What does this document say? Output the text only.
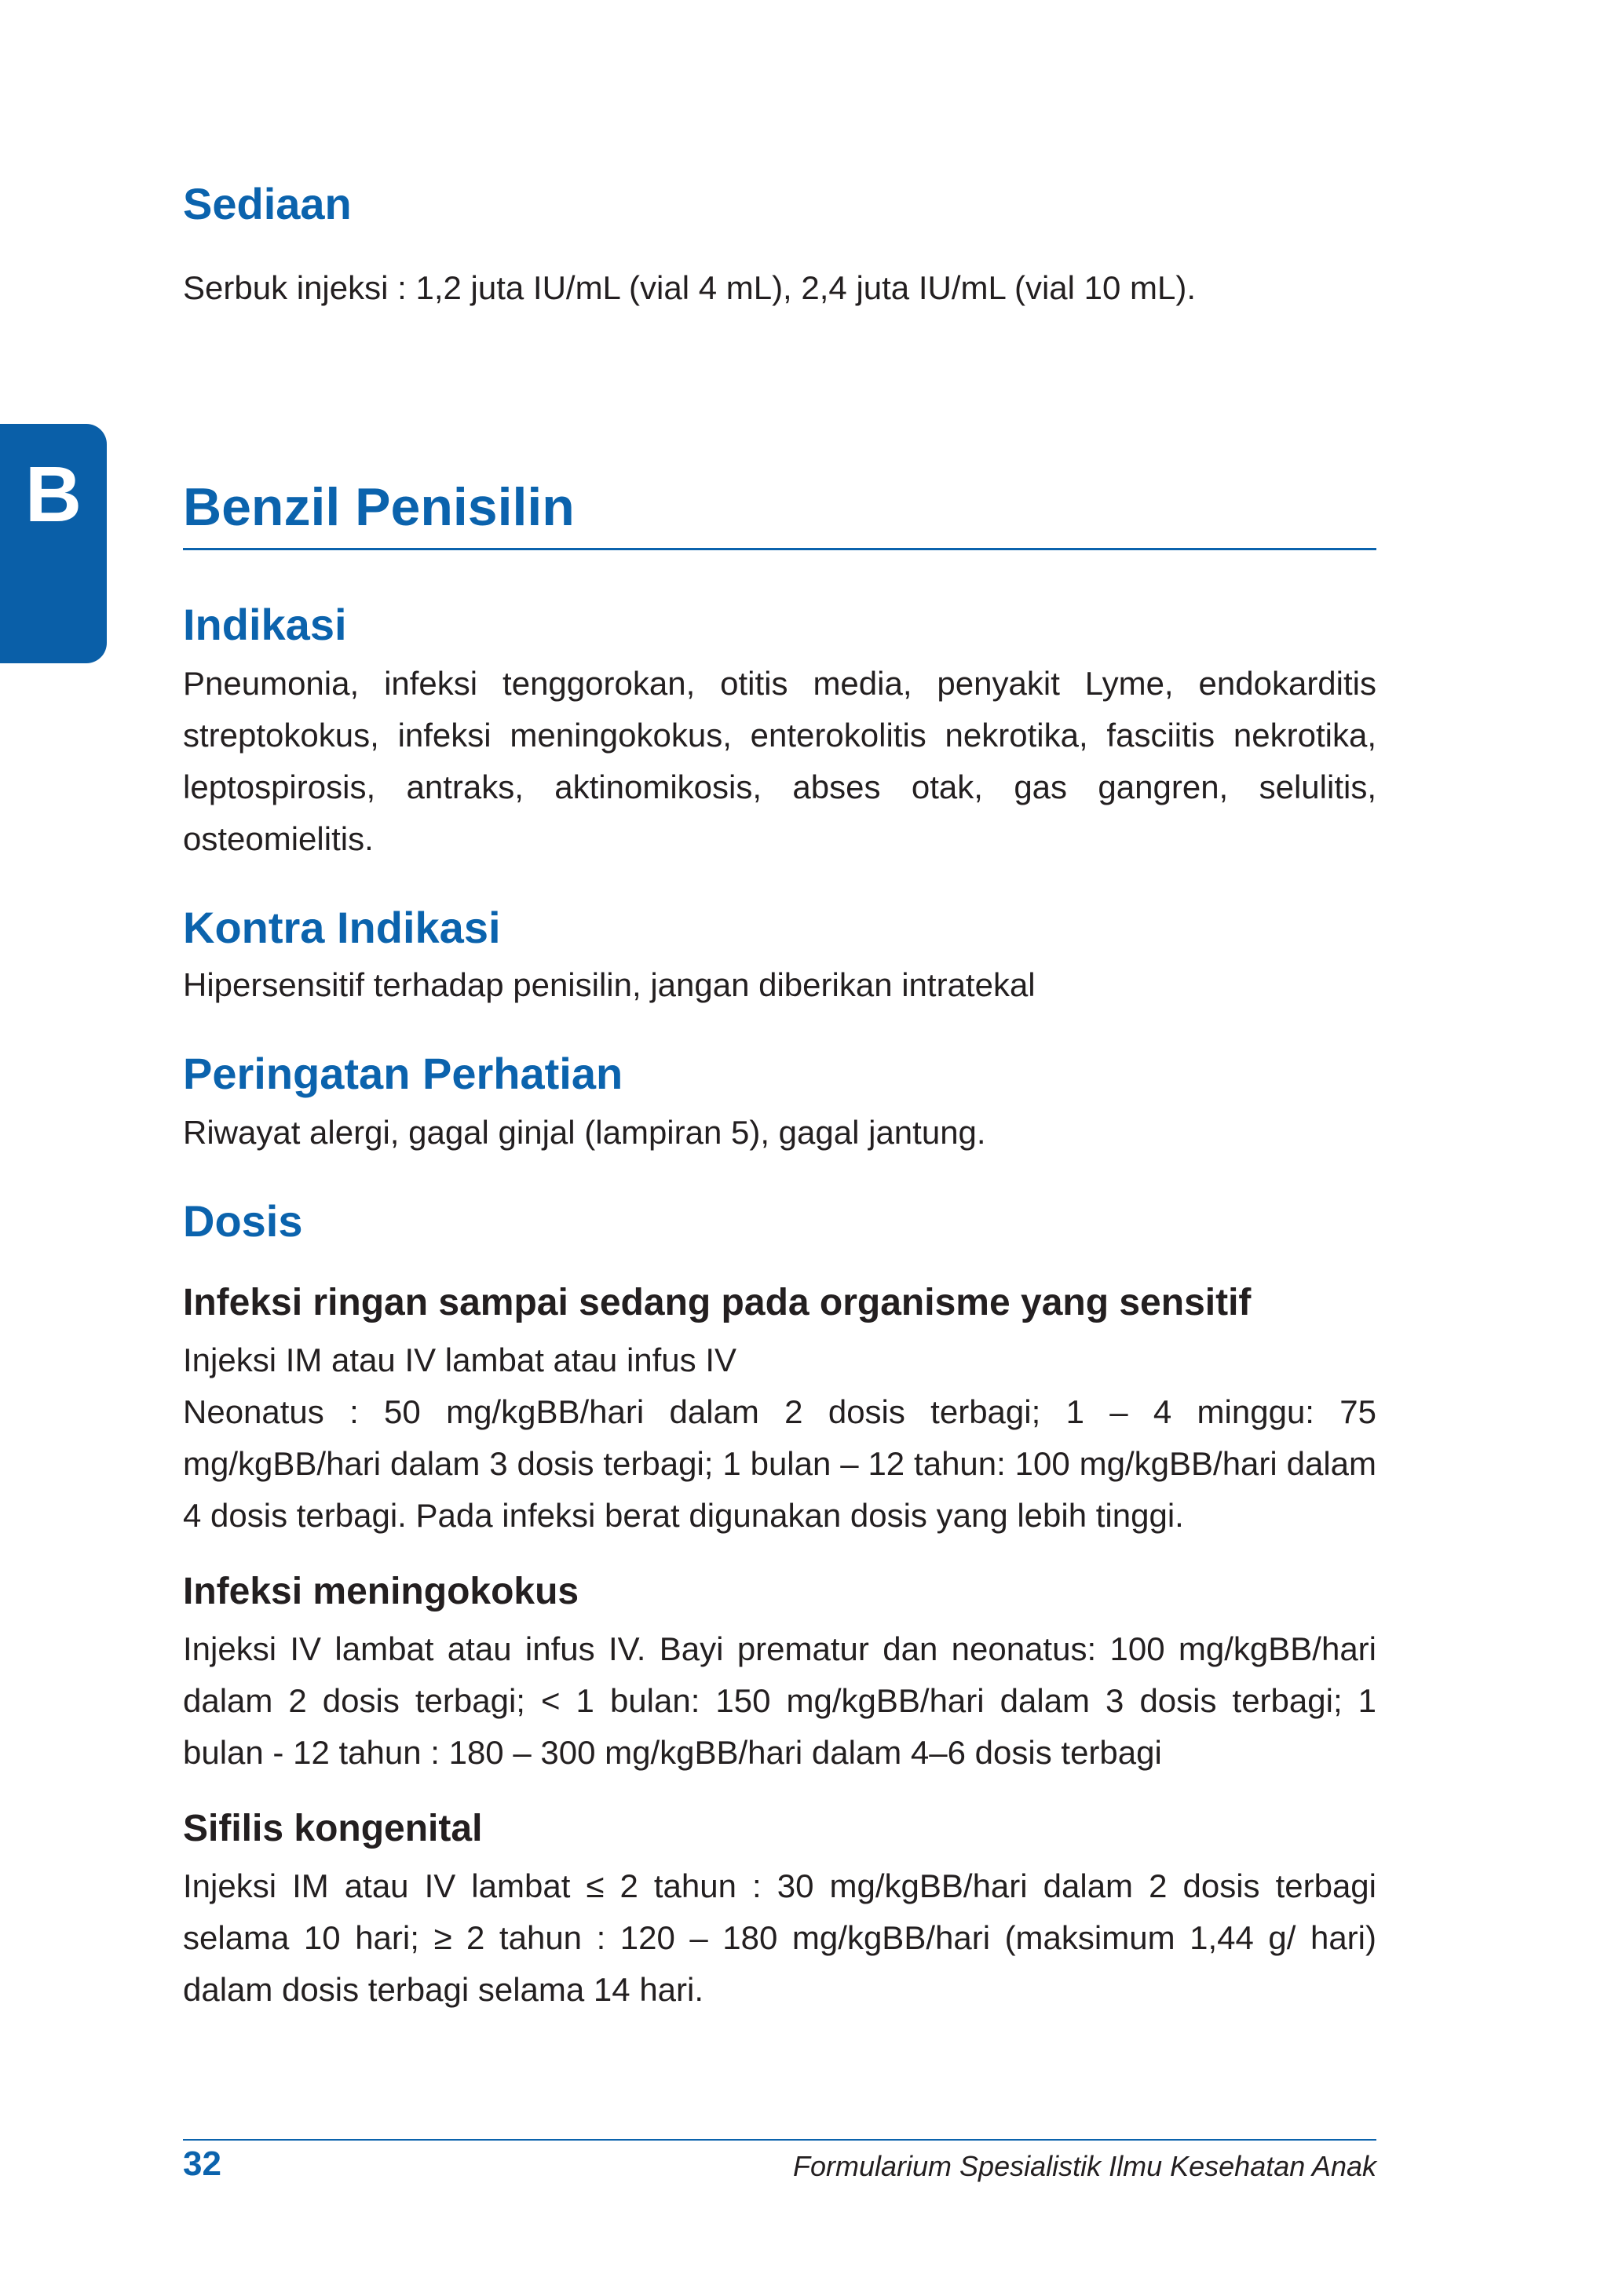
B
Sediaan

Serbuk injeksi : 1,2 juta IU/mL (vial 4 mL), 2,4 juta IU/mL (vial 10 mL).

Benzil Penisilin
Indikasi

Pneumonia, infeksi tenggorokan, otitis media, penyakit Lyme, endokarditis streptokokus, infeksi meningokokus, enterokolitis nekrotika, fasciitis nekrotika, leptospirosis, antraks, aktinomikosis, abses otak, gas gangren, selulitis, osteomielitis.

Kontra Indikasi

Hipersensitif terhadap penisilin, jangan diberikan intratekal

Peringatan Perhatian

Riwayat alergi, gagal ginjal (lampiran 5), gagal jantung.

Dosis
Infeksi ringan sampai sedang pada organisme yang sensitif

Injeksi IM atau IV lambat atau infus IV

Neonatus : 50 mg/kgBB/hari dalam 2 dosis terbagi; 1 – 4 minggu: 75 mg/kgBB/hari dalam 3 dosis terbagi; 1 bulan – 12 tahun: 100 mg/kgBB/hari dalam 4 dosis terbagi. Pada infeksi berat digunakan dosis yang lebih tinggi.

Infeksi meningokokus

Injeksi IV lambat atau infus IV. Bayi prematur dan neonatus: 100 mg/kgBB/hari dalam 2 dosis terbagi; < 1 bulan: 150 mg/kgBB/hari dalam 3 dosis terbagi; 1 bulan - 12 tahun : 180 – 300 mg/kgBB/hari dalam 4–6 dosis terbagi

Sifilis kongenital

Injeksi IM atau IV lambat ≤ 2 tahun : 30 mg/kgBB/hari dalam 2 dosis terbagi selama 10 hari; ≥ 2 tahun : 120 – 180 mg/kgBB/hari (maksimum 1,44 g/ hari) dalam dosis terbagi selama 14 hari.

32	Formularium Spesialistik Ilmu Kesehatan Anak
